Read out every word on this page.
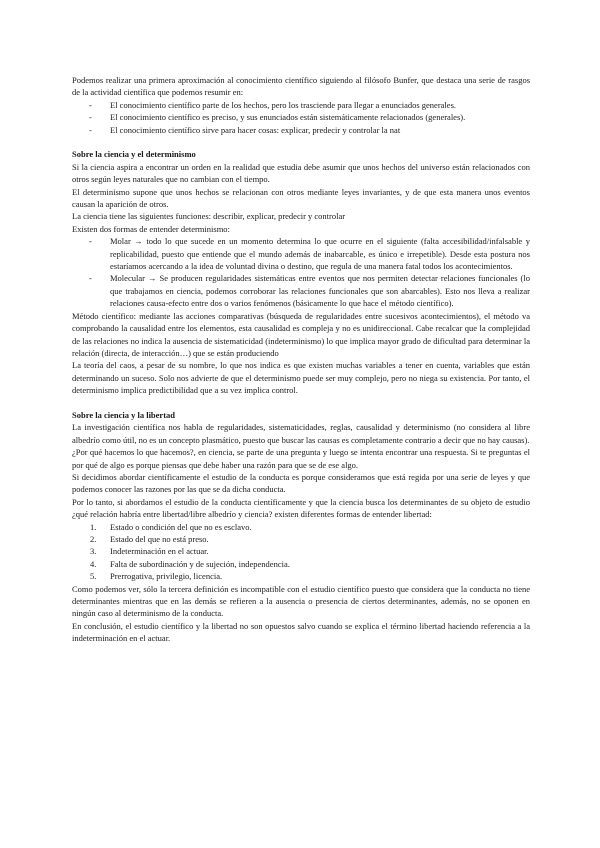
Podemos realizar una primera aproximación al conocimiento científico siguiendo al filósofo Bunfer, que destaca una serie de rasgos de la actividad científica que podemos resumir en:

- El conocimiento científico parte de los hechos, pero los trasciende para llegar a enunciados generales.
- El conocimiento científico es preciso, y sus enunciados están sistemáticamente relacionados (generales).
- El conocimiento científico sirve para hacer cosas: explicar, predecir y controlar la nat
Sobre la ciencia y el determinismo

Si la ciencia aspira a encontrar un orden en la realidad que estudia debe asumir que unos hechos del universo están relacionados con otros según leyes naturales que no cambian con el tiempo.

El determinismo supone que unos hechos se relacionan con otros mediante leyes invariantes, y de que esta manera unos eventos causan la aparición de otros.

La ciencia tiene las siguientes funciones: describir, explicar, predecir y controlar

Existen dos formas de entender determinismo:

- Molar → todo lo que sucede en un momento determina lo que ocurre en el siguiente (falta accesibilidad/infalsable y replicabilidad, puesto que entiende que el mundo además de inabarcable, es único e irrepetible). Desde esta postura nos estaríamos acercando a la idea de voluntad divina o destino, que regula de una manera fatal todos los acontecimientos.
- Molecular → Se producen regularidades sistemáticas entre eventos que nos permiten detectar relaciones funcionales (lo que trabajamos en ciencia, podemos corroborar las relaciones funcionales que son abarcables). Esto nos lleva a realizar relaciones causa-efecto entre dos o varios fenómenos (básicamente lo que hace el método científico).

Método científico: mediante las acciones comparativas (búsqueda de regularidades entre sucesivos acontecimientos), el método va comprobando la causalidad entre los elementos, esta causalidad es compleja y no es unidireccional. Cabe recalcar que la complejidad de las relaciones no indica la ausencia de sistematicidad (indeterminismo) lo que implica mayor grado de dificultad para determinar la relación (directa, de interacción…) que se están produciendo

La teoría del caos, a pesar de su nombre, lo que nos indica es que existen muchas variables a tener en cuenta, variables que están determinando un suceso. Solo nos advierte de que el determinismo puede ser muy complejo, pero no niega su existencia. Por tanto, el determinismo implica predictibilidad que a su vez implica control.

Sobre la ciencia y la libertad

La investigación científica nos habla de regularidades, sistematicidades, reglas, causalidad y determinismo (no considera al libre albedrío como útil, no es un concepto plasmático, puesto que buscar las causas es completamente contrario a decir que no hay causas).

¿Por qué hacemos lo que hacemos?, en ciencia, se parte de una pregunta y luego se intenta encontrar una respuesta. Si te preguntas el por qué de algo es porque piensas que debe haber una razón para que se de ese algo.

Si decidimos abordar científicamente el estudio de la conducta es porque consideramos que está regida por una serie de leyes y que podemos conocer las razones por las que se da dicha conducta.

Por lo tanto, si abordamos el estudio de la conducta científicamente y que la ciencia busca los determinantes de su objeto de estudio ¿qué relación habría entre libertad/libre albedrío y ciencia? existen diferentes formas de entender libertad:

1. Estado o condición del que no es esclavo.
2. Estado del que no está preso.
3. Indeterminación en el actuar.
4. Falta de subordinación y de sujeción, independencia.
5. Prerrogativa, privilegio, licencia.

Como podemos ver, sólo la tercera definición es incompatible con el estudio científico puesto que considera que la conducta no tiene determinantes mientras que en las demás se refieren a la ausencia o presencia de ciertos determinantes, además, no se oponen en ningún caso al determinismo de la conducta.

En conclusión, el estudio científico y la libertad no son opuestos salvo cuando se explica el término libertad haciendo referencia a la indeterminación en el actuar.
